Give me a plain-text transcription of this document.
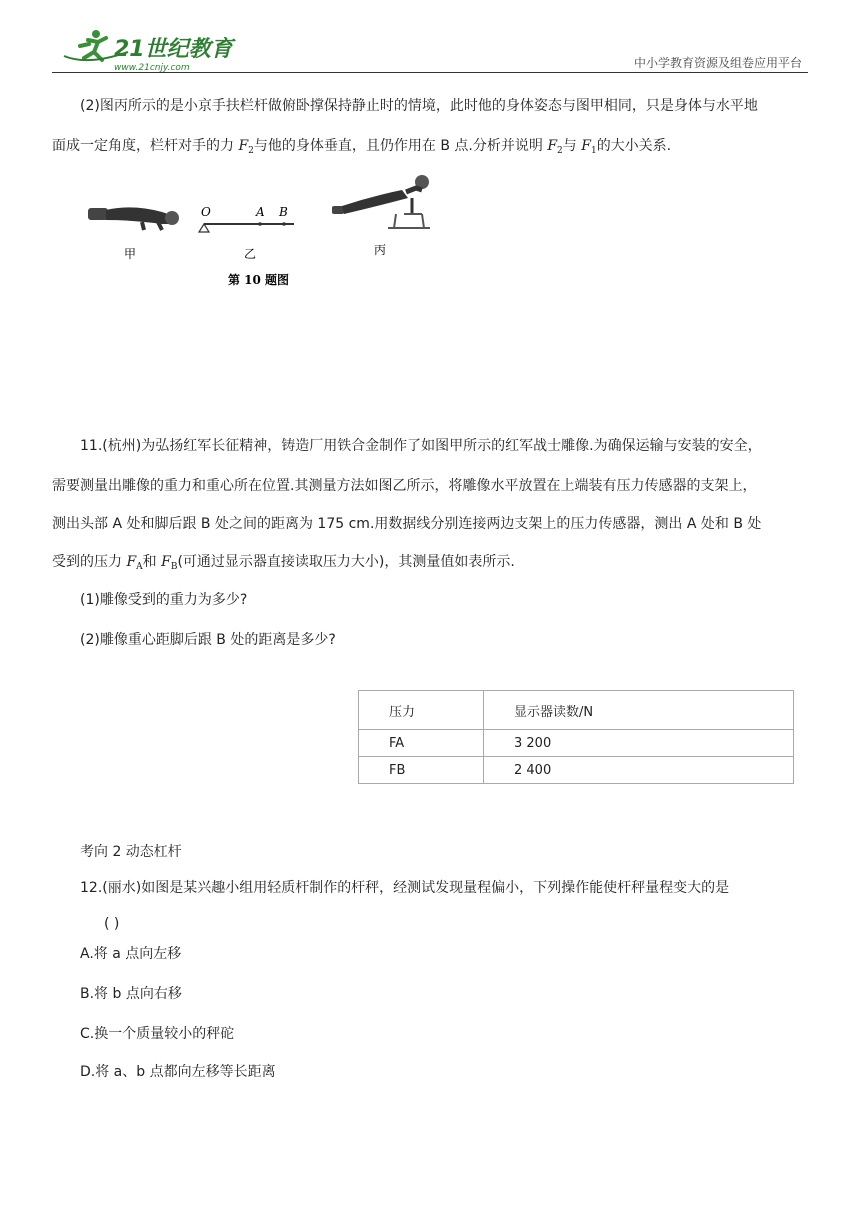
21世纪教育
www.21cnjy.com	中小学教育资源及组卷应用平台
(2)图丙所示的是小京手扶栏杆做俯卧撑保持静止时的情境，此时他的身体姿态与图甲相同，只是身体与水平地
面成一定角度，栏杆对手的力 $F_2$与他的身体垂直，且仍作用在 B 点.分析并说明 $F_2$与 $F_1$的大小关系.
甲
O	A B
乙	丙
第 10 题图
11.(杭州)为弘扬红军长征精神，铸造厂用铁合金制作了如图甲所示的红军战士雕像.为确保运输与安装的安全，
需要测量出雕像的重力和重心所在位置.其测量方法如图乙所示，将雕像水平放置在上端装有压力传感器的支架上，
测出头部 A 处和脚后跟 B 处之间的距离为 175 cm.用数据线分别连接两边支架上的压力传感器，测出 A 处和 B 处
受到的压力 $F_A$和 $F_B$(可通过显示器直接读取压力大小)，其测量值如表所示.
(1)雕像受到的重力为多少?
(2)雕像重心距脚后跟 B 处的距离是多少?
压力	显示器读数/N
FA	3 200
FB	2 400
考向 2 动态杠杆
12.(丽水)如图是某兴趣小组用轻质杆制作的杆秤，经测试发现量程偏小，下列操作能使杆秤量程变大的是
( )
A.将 a 点向左移
B.将 b 点向右移
C.换一个质量较小的秤砣
D.将 a、b 点都向左移等长距离
